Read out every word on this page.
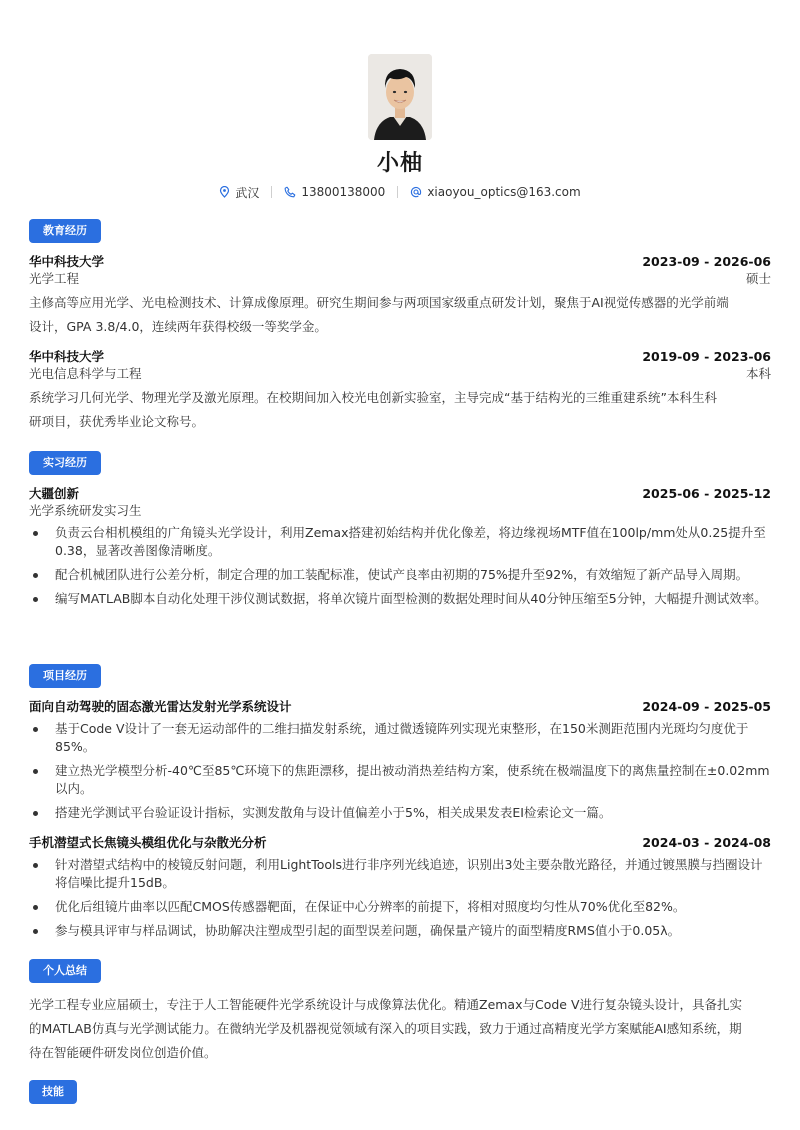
小柚
武汉	13800138000	xiaoyou_optics@163.com
教育经历
华中科技大学	2023-09 - 2026-06
光学工程	硕士

主修高等应用光学、光电检测技术、计算成像原理。研究生期间参与两项国家级重点研发计划，聚焦于AI视觉传感器的光学前端
设计，GPA 3.8/4.0，连续两年获得校级一等奖学金。

华中科技大学	2019-09 - 2023-06
光电信息科学与工程	本科

系统学习几何光学、物理光学及激光原理。在校期间加入校光电创新实验室，主导完成“基于结构光的三维重建系统”本科生科
研项目，获优秀毕业论文称号。

实习经历
大疆创新	2025-06 - 2025-12
光学系统研发实习生
负责云台相机模组的广角镜头光学设计，利用Zemax搭建初始结构并优化像差，将边缘视场MTF值在100lp/mm处从0.25提升至0.38，显著改善图像清晰度。
配合机械团队进行公差分析，制定合理的加工装配标准，使试产良率由初期的75%提升至92%，有效缩短了新产品导入周期。
编写MATLAB脚本自动化处理干涉仪测试数据，将单次镜片面型检测的数据处理时间从40分钟压缩至5分钟，大幅提升测试效率。
项目经历
面向自动驾驶的固态激光雷达发射光学系统设计	2024-09 - 2025-05
基于Code V设计了一套无运动部件的二维扫描发射系统，通过微透镜阵列实现光束整形，在150米测距范围内光斑均匀度优于85%。
建立热光学模型分析-40℃至85℃环境下的焦距漂移，提出被动消热差结构方案，使系统在极端温度下的离焦量控制在±0.02mm以内。
搭建光学测试平台验证设计指标，实测发散角与设计值偏差小于5%，相关成果发表EI检索论文一篇。
手机潜望式长焦镜头模组优化与杂散光分析	2024-03 - 2024-08
针对潜望式结构中的棱镜反射问题，利用LightTools进行非序列光线追迹，识别出3处主要杂散光路径，并通过镀黑膜与挡圈设计将信噪比提升15dB。
优化后组镜片曲率以匹配CMOS传感器靶面，在保证中心分辨率的前提下，将相对照度均匀性从70%优化至82%。
参与模具评审与样品调试，协助解决注塑成型引起的面型误差问题，确保量产镜片的面型精度RMS值小于0.05λ。
个人总结

光学工程专业应届硕士，专注于人工智能硬件光学系统设计与成像算法优化。精通Zemax与Code V进行复杂镜头设计，具备扎实
的MATLAB仿真与光学测试能力。在微纳光学及机器视觉领域有深入的项目实践，致力于通过高精度光学方案赋能AI感知系统，期
待在智能硬件研发岗位创造价值。

技能
